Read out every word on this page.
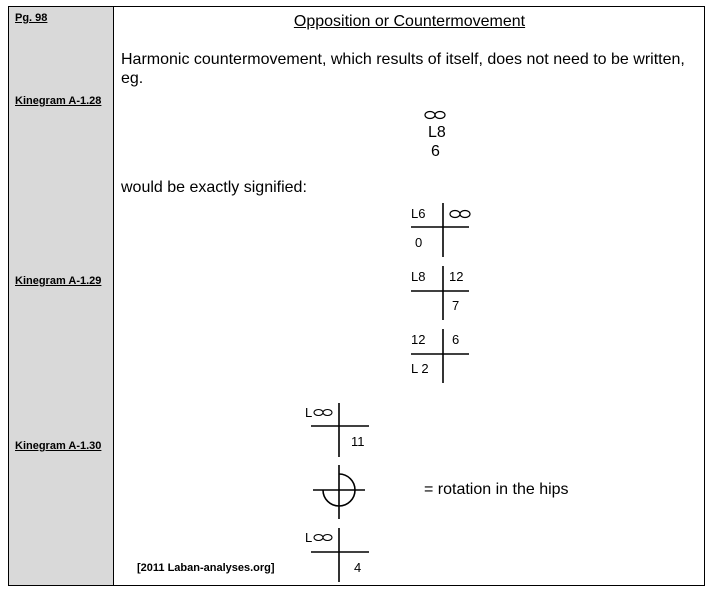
Pg. 98
Kinegram A-1.28
Kinegram A-1.29
Kinegram A-1.30
Opposition or Countermovement
Harmonic countermovement, which results of itself, does not need to be written, eg.
L8
6
would be exactly signified:
L6
0
L8 12
7
12 6
L 2
L
11
= rotation in the hips
L
4
[2011 Laban-analyses.org]
